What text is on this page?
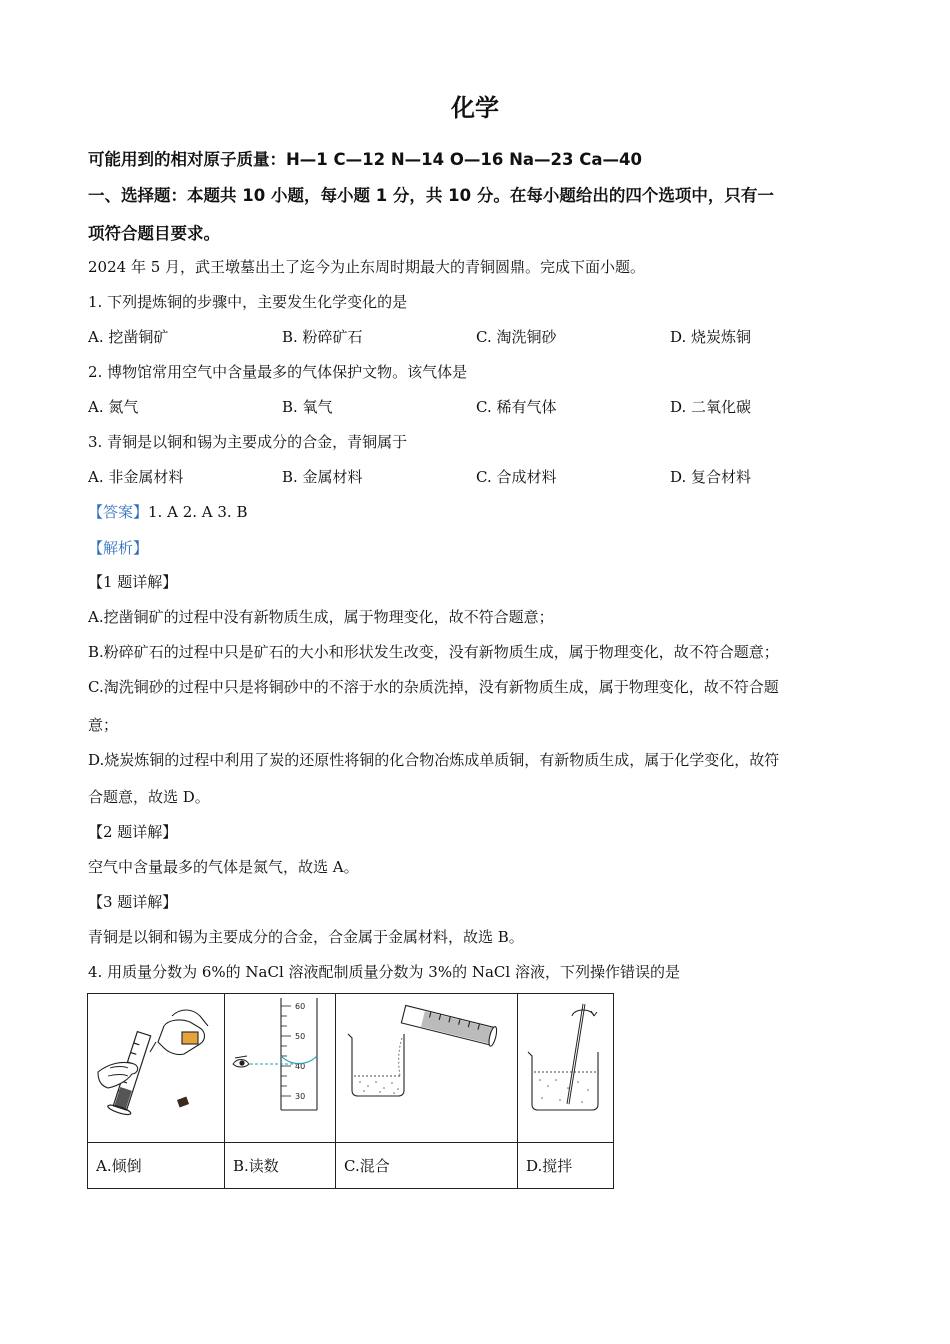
化学
可能用到的相对原子质量：H—1 C—12 N—14 O—16 Na—23 Ca—40
一、选择题：本题共 10 小题，每小题 1 分，共 10 分。在每小题给出的四个选项中，只有一
项符合题目要求。
2024 年 5 月，武王墩墓出土了迄今为止东周时期最大的青铜圆鼎。完成下面小题。
1. 下列提炼铜的步骤中，主要发生化学变化的是
A. 挖凿铜矿	B. 粉碎矿石	C. 淘洗铜砂	D. 烧炭炼铜
2. 博物馆常用空气中含量最多的气体保护文物。该气体是
A. 氮气	B. 氧气	C. 稀有气体	D. 二氧化碳
3. 青铜是以铜和锡为主要成分的合金，青铜属于
A. 非金属材料	B. 金属材料	C. 合成材料	D. 复合材料
【答案】1. A 2. A 3. B
【解析】
【1 题详解】
A.挖凿铜矿的过程中没有新物质生成，属于物理变化，故不符合题意；
B.粉碎矿石的过程中只是矿石的大小和形状发生改变，没有新物质生成，属于物理变化，故不符合题意；
C.淘洗铜砂的过程中只是将铜砂中的不溶于水的杂质洗掉，没有新物质生成，属于物理变化，故不符合题
意；
D.烧炭炼铜的过程中利用了炭的还原性将铜的化合物冶炼成单质铜，有新物质生成，属于化学变化，故符
合题意，故选 D。
【2 题详解】
空气中含量最多的气体是氮气，故选 A。
【3 题详解】
青铜是以铜和锡为主要成分的合金，合金属于金属材料，故选 B。
4. 用质量分数为 6%的 NaCl 溶液配制质量分数为 3%的 NaCl 溶液，下列操作错误的是

60
50
40
30

A.倾倒	B.读数	C.混合	D.搅拌
